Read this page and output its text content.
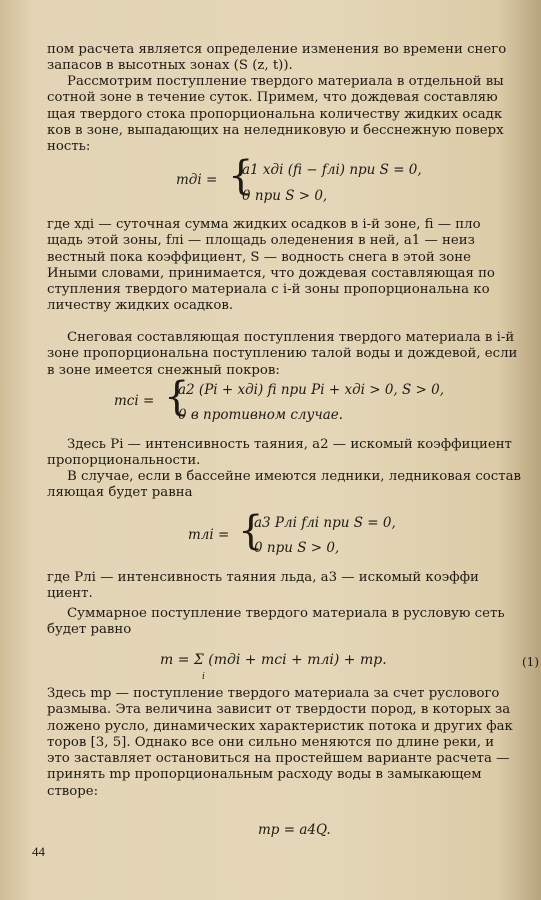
пом расчета является определение изменения во времени снего
запасов в высотных зонах (S (z, t)).
Рассмотрим поступление твердого материала в отдельной вы
сотной зоне в течение суток. Примем, что дождевая составляю
щая твердого стока пропорциональна количеству жидких осадк
ков в зоне, выпадающих на неледниковую и бесснежную поверх
ность:
mдi = {
a1 xдi (fi − fлi) при S = 0,
0 при S > 0,
где xдi — суточная сумма жидких осадков в i-й зоне, fi — пло
щадь этой зоны, fлi — площадь оледенения в ней, a1 — неиз
вестный пока коэффициент, S — водность снега в этой зоне
Иными словами, принимается, что дождевая составляющая по
ступления твердого материала с i-й зоны пропорциональна ко
личеству жидких осадков.
Снеговая составляющая поступления твердого материала в i-й
зоне пропорциональна поступлению талой воды и дождевой, если
в зоне имеется снежный покров:
mсi = {
a2 (Pi + xдi) fi при Pi + xдi > 0, S > 0,
0 в противном случае.
Здесь Pi — интенсивность таяния, a2 — искомый коэффициент
пропорциональности.
В случае, если в бассейне имеются ледники, ледниковая состав
ляющая будет равна
mлi = {
a3 Pлi fлi при S = 0,
0 при S > 0,
где Pлi — интенсивность таяния льда, a3 — искомый коэффи
циент.
Суммарное поступление твердого материала в русловую сеть
будет равно
m = Σ (mдi + mсi + mлi) + mр.
i
(1)
Здесь mр — поступление твердого материала за счет руслового
размыва. Эта величина зависит от твердости пород, в которых за
ложено русло, динамических характеристик потока и других фак
торов [3, 5]. Однако все они сильно меняются по длине реки, и
это заставляет остановиться на простейшем варианте расчета —
принять mр пропорциональным расходу воды в замыкающем
створе:
mр = a4Q.
44
